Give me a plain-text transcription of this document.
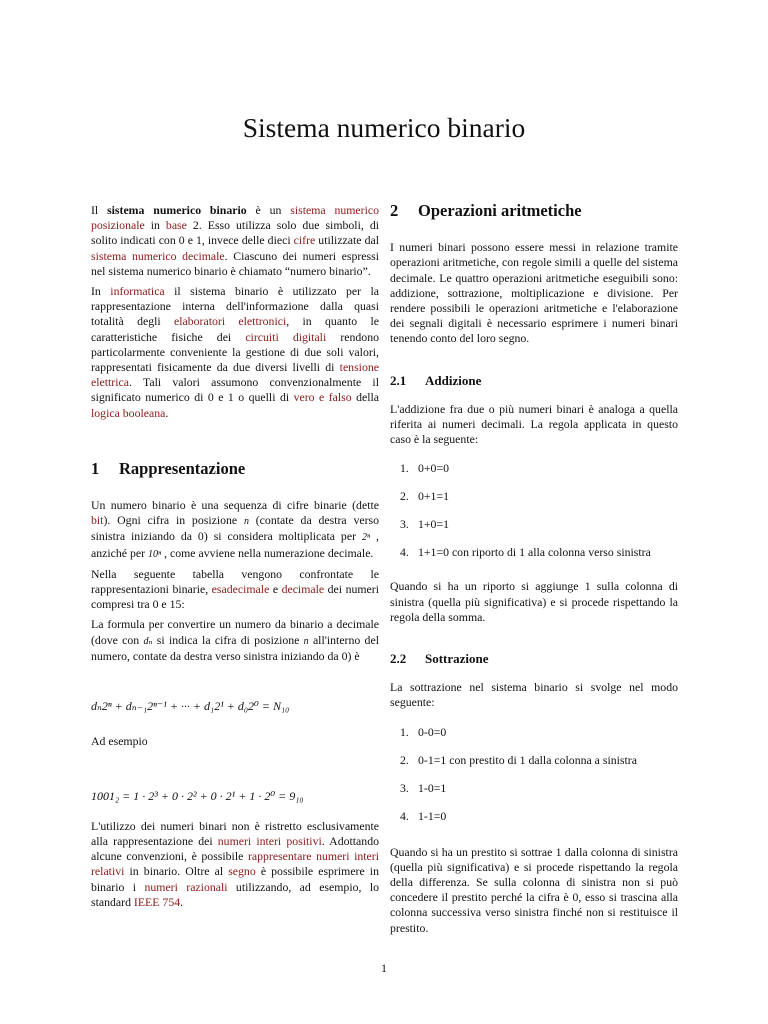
Sistema numerico binario

Il sistema numerico binario è un sistema numerico posizionale in base 2. Esso utilizza solo due simboli, di solito indicati con 0 e 1, invece delle dieci cifre utilizzate dal sistema numerico decimale. Ciascuno dei numeri espressi nel sistema numerico binario è chiamato “numero binario”.

In informatica il sistema binario è utilizzato per la rappresentazione interna dell'informazione dalla quasi totalità degli elaboratori elettronici, in quanto le caratteristiche fisiche dei circuiti digitali rendono particolarmente conveniente la gestione di due soli valori, rappresentati fisicamente da due diversi livelli di tensione elettrica. Tali valori assumono convenzionalmente il significato numerico di 0 e 1 o quelli di vero e falso della logica booleana.

1 Rappresentazione

Un numero binario è una sequenza di cifre binarie (dette bit). Ogni cifra in posizione n (contate da destra verso sinistra iniziando da 0) si considera moltiplicata per 2ⁿ , anziché per 10ⁿ , come avviene nella numerazione decimale.

Nella seguente tabella vengono confrontate le rappresentazioni binarie, esadecimale e decimale dei numeri compresi tra 0 e 15:

La formula per convertire un numero da binario a decimale (dove con dₙ si indica la cifra di posizione n all'interno del numero, contate da destra verso sinistra iniziando da 0) è

dₙ2ⁿ + dₙ₋₁2ⁿ⁻¹ + ··· + d₁2¹ + d₀2⁰ = N₁₀

Ad esempio

1001₂ = 1 · 2³ + 0 · 2² + 0 · 2¹ + 1 · 2⁰ = 9₁₀

L'utilizzo dei numeri binari non è ristretto esclusivamente alla rappresentazione dei numeri interi positivi. Adottando alcune convenzioni, è possibile rappresentare numeri interi relativi in binario. Oltre al segno è possibile esprimere in binario i numeri razionali utilizzando, ad esempio, lo standard IEEE 754.

2 Operazioni aritmetiche

I numeri binari possono essere messi in relazione tramite operazioni aritmetiche, con regole simili a quelle del sistema decimale. Le quattro operazioni aritmetiche eseguibili sono: addizione, sottrazione, moltiplicazione e divisione. Per rendere possibili le operazioni aritmetiche e l'elaborazione dei segnali digitali è necessario esprimere i numeri binari tenendo conto del loro segno.

2.1 Addizione

L'addizione fra due o più numeri binari è analoga a quella riferita ai numeri decimali. La regola applicata in questo caso è la seguente:

1. 0+0=0
2. 0+1=1
3. 1+0=1
4. 1+1=0 con riporto di 1 alla colonna verso sinistra

Quando si ha un riporto si aggiunge 1 sulla colonna di sinistra (quella più significativa) e si procede rispettando la regola della somma.

2.2 Sottrazione

La sottrazione nel sistema binario si svolge nel modo seguente:

1. 0-0=0
2. 0-1=1 con prestito di 1 dalla colonna a sinistra
3. 1-0=1
4. 1-1=0

Quando si ha un prestito si sottrae 1 dalla colonna di sinistra (quella più significativa) e si procede rispettando la regola della differenza. Se sulla colonna di sinistra non si può concedere il prestito perché la cifra è 0, esso si trascina alla colonna successiva verso sinistra finché non si restituisce il prestito.

1
